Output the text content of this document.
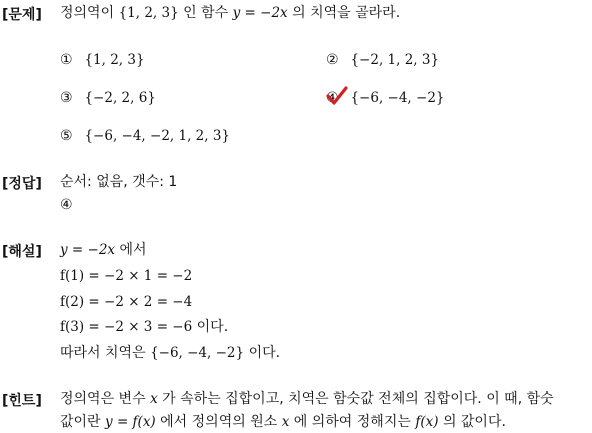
[문제] 정의역이 {1, 2, 3} 인 함수 y = −2x 의 치역을 골라라.
① {1, 2, 3}	② {−2, 1, 2, 3}
③ {−2, 2, 6}	④ {−6, −4, −2}
⑤ {−6, −4, −2, 1, 2, 3}
[정답] 순서: 없음, 갯수: 1
④
[해설] y = −2x 에서
f(1) = −2 × 1 = −2
f(2) = −2 × 2 = −4
f(3) = −2 × 3 = −6 이다.
따라서 치역은 {−6, −4, −2} 이다.
[힌트] 정의역은 변수 x 가 속하는 집합이고, 치역은 함숫값 전체의 집합이다. 이 때, 함숫
값이란 y = f(x) 에서 정의역의 원소 x 에 의하여 정해지는 f(x) 의 값이다.
